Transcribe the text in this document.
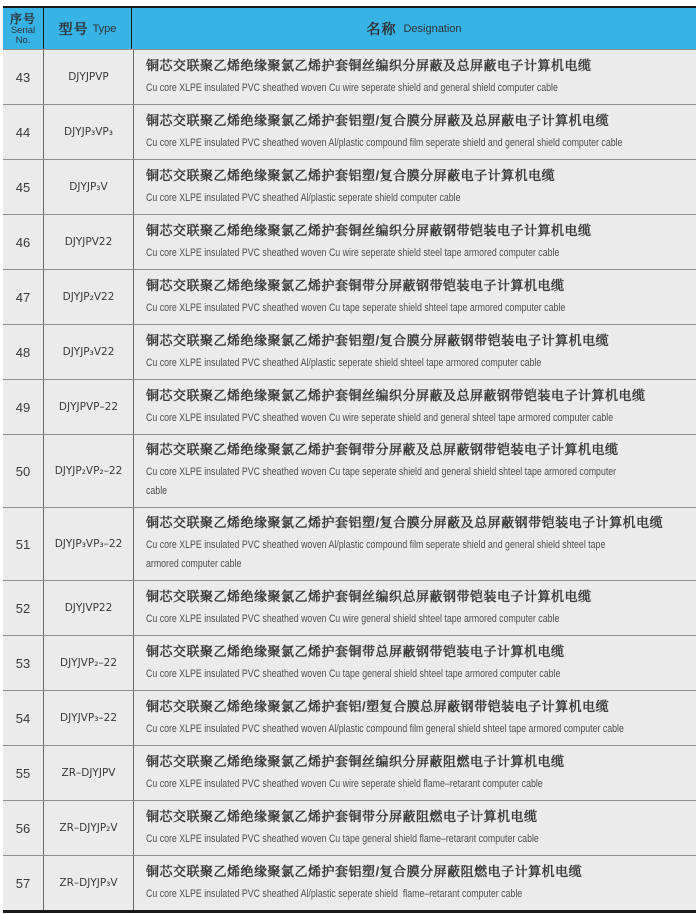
序号
Serial
No.
型号 Type	名称 Designation
43	DJYJPVP
铜芯交联聚乙烯绝缘聚氯乙烯护套铜丝编织分屏蔽及总屏蔽电子计算机电缆
Cu core XLPE insulated PVC sheathed woven Cu wire seperate shield and general shield computer cable
44	DJYJP₃VP₃
铜芯交联聚乙烯绝缘聚氯乙烯护套铝塑/复合膜分屏蔽及总屏蔽电子计算机电缆
Cu core XLPE insulated PVC sheathed woven Al/plastic compound film seperate shield and general shield computer cable
45	DJYJP₃V
铜芯交联聚乙烯绝缘聚氯乙烯护套铝塑/复合膜分屏蔽电子计算机电缆
Cu core XLPE insulated PVC sheathed Al/plastic seperate shield computer cable
46	DJYJPV22
铜芯交联聚乙烯绝缘聚氯乙烯护套铜丝编织分屏蔽钢带铠装电子计算机电缆
Cu core XLPE insulated PVC sheathed woven Cu wire seperate shield steel tape armored computer cable
47	DJYJP₂V22
铜芯交联聚乙烯绝缘聚氯乙烯护套铜带分屏蔽钢带铠装电子计算机电缆
Cu core XLPE insulated PVC sheathed woven Cu tape seperate shield shteel tape armored computer cable
48	DJYJP₃V22
铜芯交联聚乙烯绝缘聚氯乙烯护套铝塑/复合膜分屏蔽钢带铠装电子计算机电缆
Cu core XLPE insulated PVC sheathed Al/plastic seperate shield shteel tape armored computer cable
49	DJYJPVP–22
铜芯交联聚乙烯绝缘聚氯乙烯护套铜丝编织分屏蔽及总屏蔽钢带铠装电子计算机电缆
Cu core XLPE insulated PVC sheathed woven Cu wire seperate shield and general shteel tape armored computer cable
50 DJYJP₂VP₂–22
铜芯交联聚乙烯绝缘聚氯乙烯护套铜带分屏蔽及总屏蔽钢带铠装电子计算机电缆
Cu core XLPE insulated PVC sheathed woven Cu tape seperate shield and general shield shteel tape armored computer
cable
51 DJYJP₃VP₃–22
铜芯交联聚乙烯绝缘聚氯乙烯护套铝塑/复合膜分屏蔽及总屏蔽钢带铠装电子计算机电缆
Cu core XLPE insulated PVC sheathed woven Al/plastic compound film seperate shield and general shield shteel tape
armored computer cable
52	DJYJVP22
铜芯交联聚乙烯绝缘聚氯乙烯护套铜丝编织总屏蔽钢带铠装电子计算机电缆
Cu core XLPE insulated PVC sheathed woven Cu wire general shield shteel tape armored computer cable
53	DJYJVP₂–22
铜芯交联聚乙烯绝缘聚氯乙烯护套铜带总屏蔽钢带铠装电子计算机电缆
Cu core XLPE insulated PVC sheathed woven Cu tape general shield shteel tape armored computer cable
54	DJYJVP₃–22
铜芯交联聚乙烯绝缘聚氯乙烯护套铝/塑复合膜总屏蔽钢带铠装电子计算机电缆
Cu core XLPE insulated PVC sheathed woven Al/plastic compound film general shield shteel tape armored computer cable
55	ZR–DJYJPV
铜芯交联聚乙烯绝缘聚氯乙烯护套铜丝编织分屏蔽阻燃电子计算机电缆
Cu core XLPE insulated PVC sheathed woven Cu wire seperate shield flame–retarant computer cable
56	ZR–DJYJP₂V
铜芯交联聚乙烯绝缘聚氯乙烯护套铜带分屏蔽阻燃电子计算机电缆
Cu core XLPE insulated PVC sheathed woven Cu tape general shield flame–retarant computer cable
57	ZR–DJYJP₃V
铜芯交联聚乙烯绝缘聚氯乙烯护套铝塑/复合膜分屏蔽阻燃电子计算机电缆
Cu core XLPE insulated PVC sheathed Al/plastic seperate shield  flame–retarant computer cable
